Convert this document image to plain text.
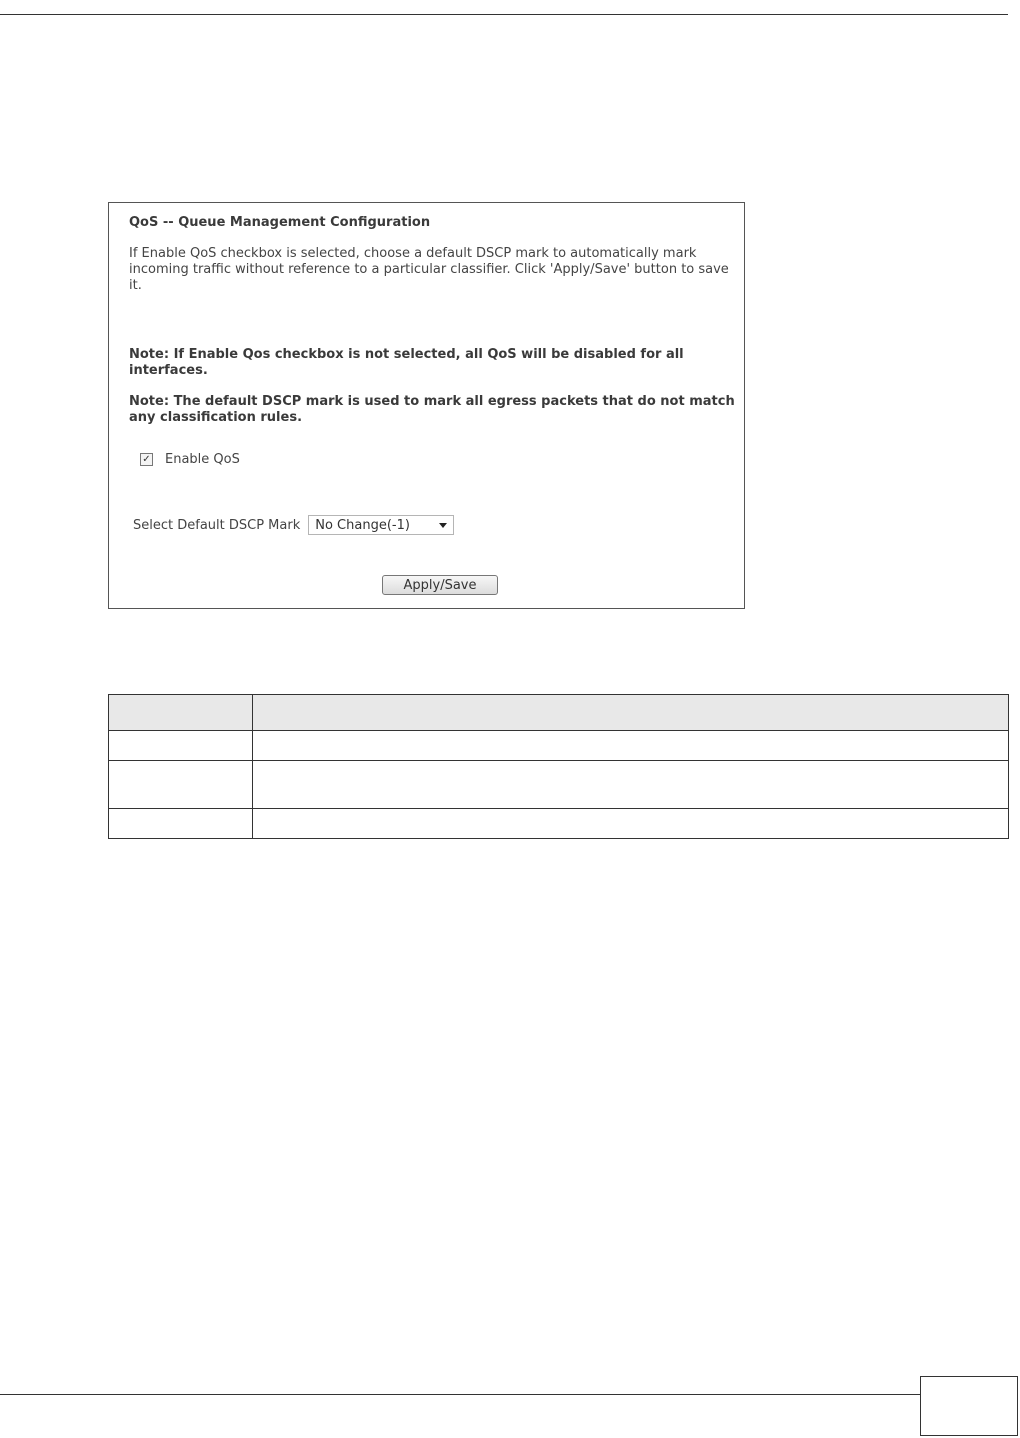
QoS -- Queue Management Configuration
If Enable QoS checkbox is selected, choose a default DSCP mark to automatically mark incoming traffic without reference to a particular classifier. Click 'Apply/Save' button to save it.
Note: If Enable Qos checkbox is not selected, all QoS will be disabled for all interfaces.
Note: The default DSCP mark is used to mark all egress packets that do not match any classification rules.
✓ Enable QoS
Select Default DSCP Mark No Change(-1)
Apply/Save
